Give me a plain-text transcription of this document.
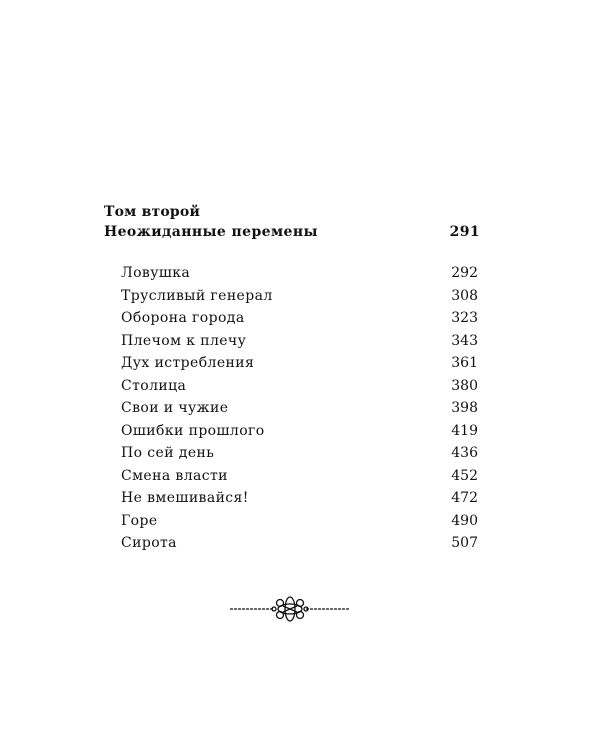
Том второй
Неожиданные перемены	291
Ловушка	292
Трусливый генерал	308
Оборона города	323
Плечом к плечу	343
Дух истребления	361
Столица	380
Свои и чужие	398
Ошибки прошлого	419
По сей день	436
Смена власти	452
Не вмешивайся!	472
Горе	490
Сирота	507
